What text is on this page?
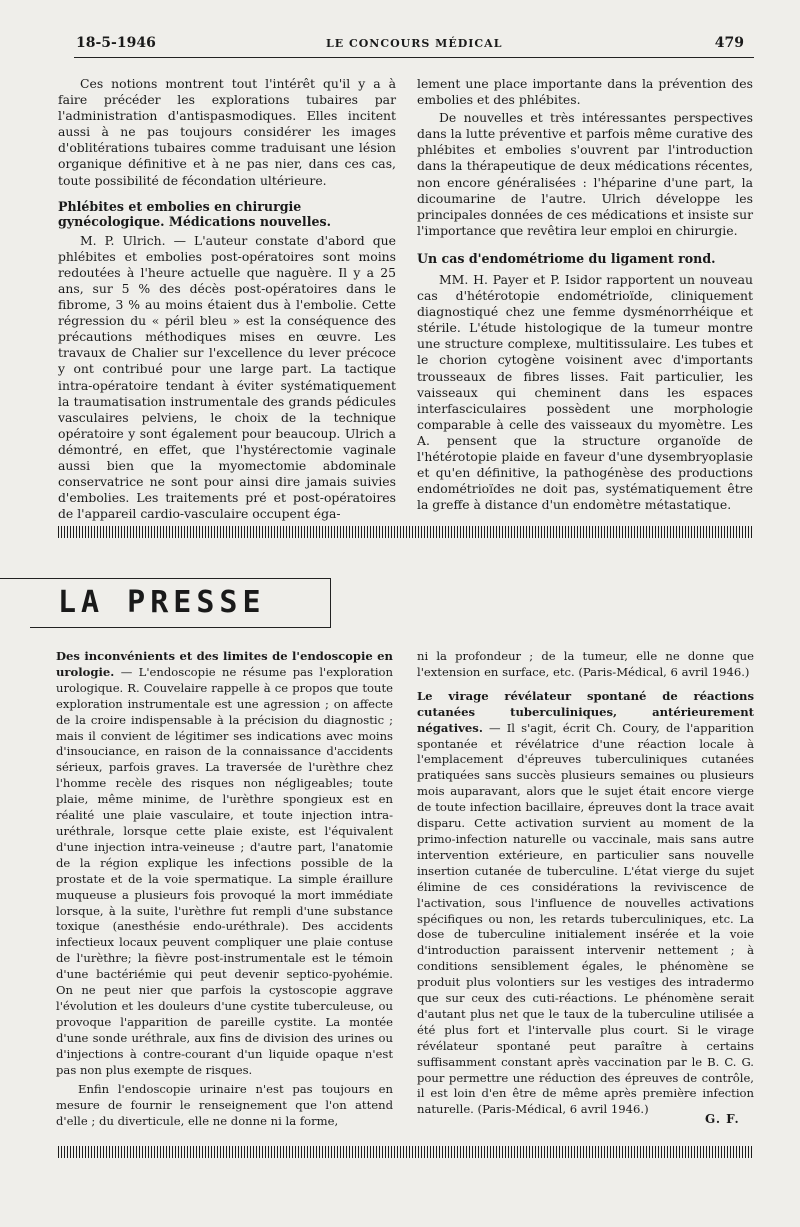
18-5-1946	LE CONCOURS MÉDICAL	479

Ces notions montrent tout l'intérêt qu'il y a à faire précéder les explorations tubaires par l'administration d'antispasmodiques. Elles incitent aussi à ne pas toujours considérer les images d'oblitérations tubaires comme traduisant une lésion organique définitive et à ne pas nier, dans ces cas, toute possibilité de fécondation ultérieure.

Phlébites et embolies en chirurgie gynécologique. Médications nouvelles.

M. P. Ulrich. — L'auteur constate d'abord que phlébites et embolies post-opératoires sont moins redoutées à l'heure actuelle que naguère. Il y a 25 ans, sur 5 % des décès post-opératoires dans le fibrome, 3 % au moins étaient dus à l'embolie. Cette régression du « péril bleu » est la conséquence des précautions méthodiques mises en œuvre. Les travaux de Chalier sur l'excellence du lever précoce y ont contribué pour une large part. La tactique intra-opératoire tendant à éviter systématiquement la traumatisation instrumentale des grands pédicules vasculaires pelviens, le choix de la technique opératoire y sont également pour beaucoup. Ulrich a démontré, en effet, que l'hystérectomie vaginale aussi bien que la myomectomie abdominale conservatrice ne sont pour ainsi dire jamais suivies d'embolies. Les traitements pré et post-opératoires de l'appareil cardio-vasculaire occupent éga-

lement une place importante dans la prévention des embolies et des phlébites.

De nouvelles et très intéressantes perspectives dans la lutte préventive et parfois même curative des phlébites et embolies s'ouvrent par l'introduction dans la thérapeutique de deux médications récentes, non encore généralisées : l'héparine d'une part, la dicoumarine de l'autre. Ulrich développe les principales données de ces médications et insiste sur l'importance que revêtira leur emploi en chirurgie.

Un cas d'endométriome du ligament rond.

MM. H. Payer et P. Isidor rapportent un nouveau cas d'hétérotopie endométrioïde, cliniquement diagnostiqué chez une femme dysménorrhéique et stérile. L'étude histologique de la tumeur montre une structure complexe, multitissulaire. Les tubes et le chorion cytogène voisinent avec d'importants trousseaux de fibres lisses. Fait particulier, les vaisseaux qui cheminent dans les espaces interfasciculaires possèdent une morphologie comparable à celle des vaisseaux du myomètre. Les A. pensent que la structure organoïde de l'hétérotopie plaide en faveur d'une dysembryoplasie et qu'en définitive, la pathogénèse des productions endométrioïdes ne doit pas, systématiquement être la greffe à distance d'un endomètre métastatique.

LA PRESSE

Des inconvénients et des limites de l'endoscopie en urologie. — L'endoscopie ne résume pas l'exploration urologique. R. Couvelaire rappelle à ce propos que toute exploration instrumentale est une agression ; on affecte de la croire indispensable à la précision du diagnostic ; mais il convient de légitimer ses indications avec moins d'insouciance, en raison de la connaissance d'accidents sérieux, parfois graves. La traversée de l'urèthre chez l'homme recèle des risques non négligeables; toute plaie, même minime, de l'urèthre spongieux est en réalité une plaie vasculaire, et toute injection intra-uréthrale, lorsque cette plaie existe, est l'équivalent d'une injection intra-veineuse ; d'autre part, l'anatomie de la région explique les infections possible de la prostate et de la voie spermatique. La simple éraillure muqueuse a plusieurs fois provoqué la mort immédiate lorsque, à la suite, l'urèthre fut rempli d'une substance toxique (anesthésie endo-uréthrale). Des accidents infectieux locaux peuvent compliquer une plaie contuse de l'urèthre; la fièvre post-instrumentale est le témoin d'une bactériémie qui peut devenir septico-pyohémie. On ne peut nier que parfois la cystoscopie aggrave l'évolution et les douleurs d'une cystite tuberculeuse, ou provoque l'apparition de pareille cystite. La montée d'une sonde uréthrale, aux fins de division des urines ou d'injections à contre-courant d'un liquide opaque n'est pas non plus exempte de risques.

Enfin l'endoscopie urinaire n'est pas toujours en mesure de fournir le renseignement que l'on attend d'elle ; du diverticule, elle ne donne ni la forme,

ni la profondeur ; de la tumeur, elle ne donne que l'extension en surface, etc. (Paris-Médical, 6 avril 1946.)

Le virage révélateur spontané de réactions cutanées tuberculiniques, antérieurement négatives. — Il s'agit, écrit Ch. Coury, de l'apparition spontanée et révélatrice d'une réaction locale à l'emplacement d'épreuves tuberculiniques cutanées pratiquées sans succès plusieurs semaines ou plusieurs mois auparavant, alors que le sujet était encore vierge de toute infection bacillaire, épreuves dont la trace avait disparu. Cette activation survient au moment de la primo-infection naturelle ou vaccinale, mais sans autre intervention extérieure, en particulier sans nouvelle insertion cutanée de tuberculine. L'état vierge du sujet élimine de ces considérations la reviviscence de l'activation, sous l'influence de nouvelles activations spécifiques ou non, les retards tuberculiniques, etc. La dose de tuberculine initialement insérée et la voie d'introduction paraissent intervenir nettement ; à conditions sensiblement égales, le phénomène se produit plus volontiers sur les vestiges des intradermo que sur ceux des cuti-réactions. Le phénomène serait d'autant plus net que le taux de la tuberculine utilisée a été plus fort et l'intervalle plus court. Si le virage révélateur spontané peut paraître à certains suffisamment constant après vaccination par le B. C. G. pour permettre une réduction des épreuves de contrôle, il est loin d'en être de même après première infection naturelle. (Paris-Médical, 6 avril 1946.)

G. F.
